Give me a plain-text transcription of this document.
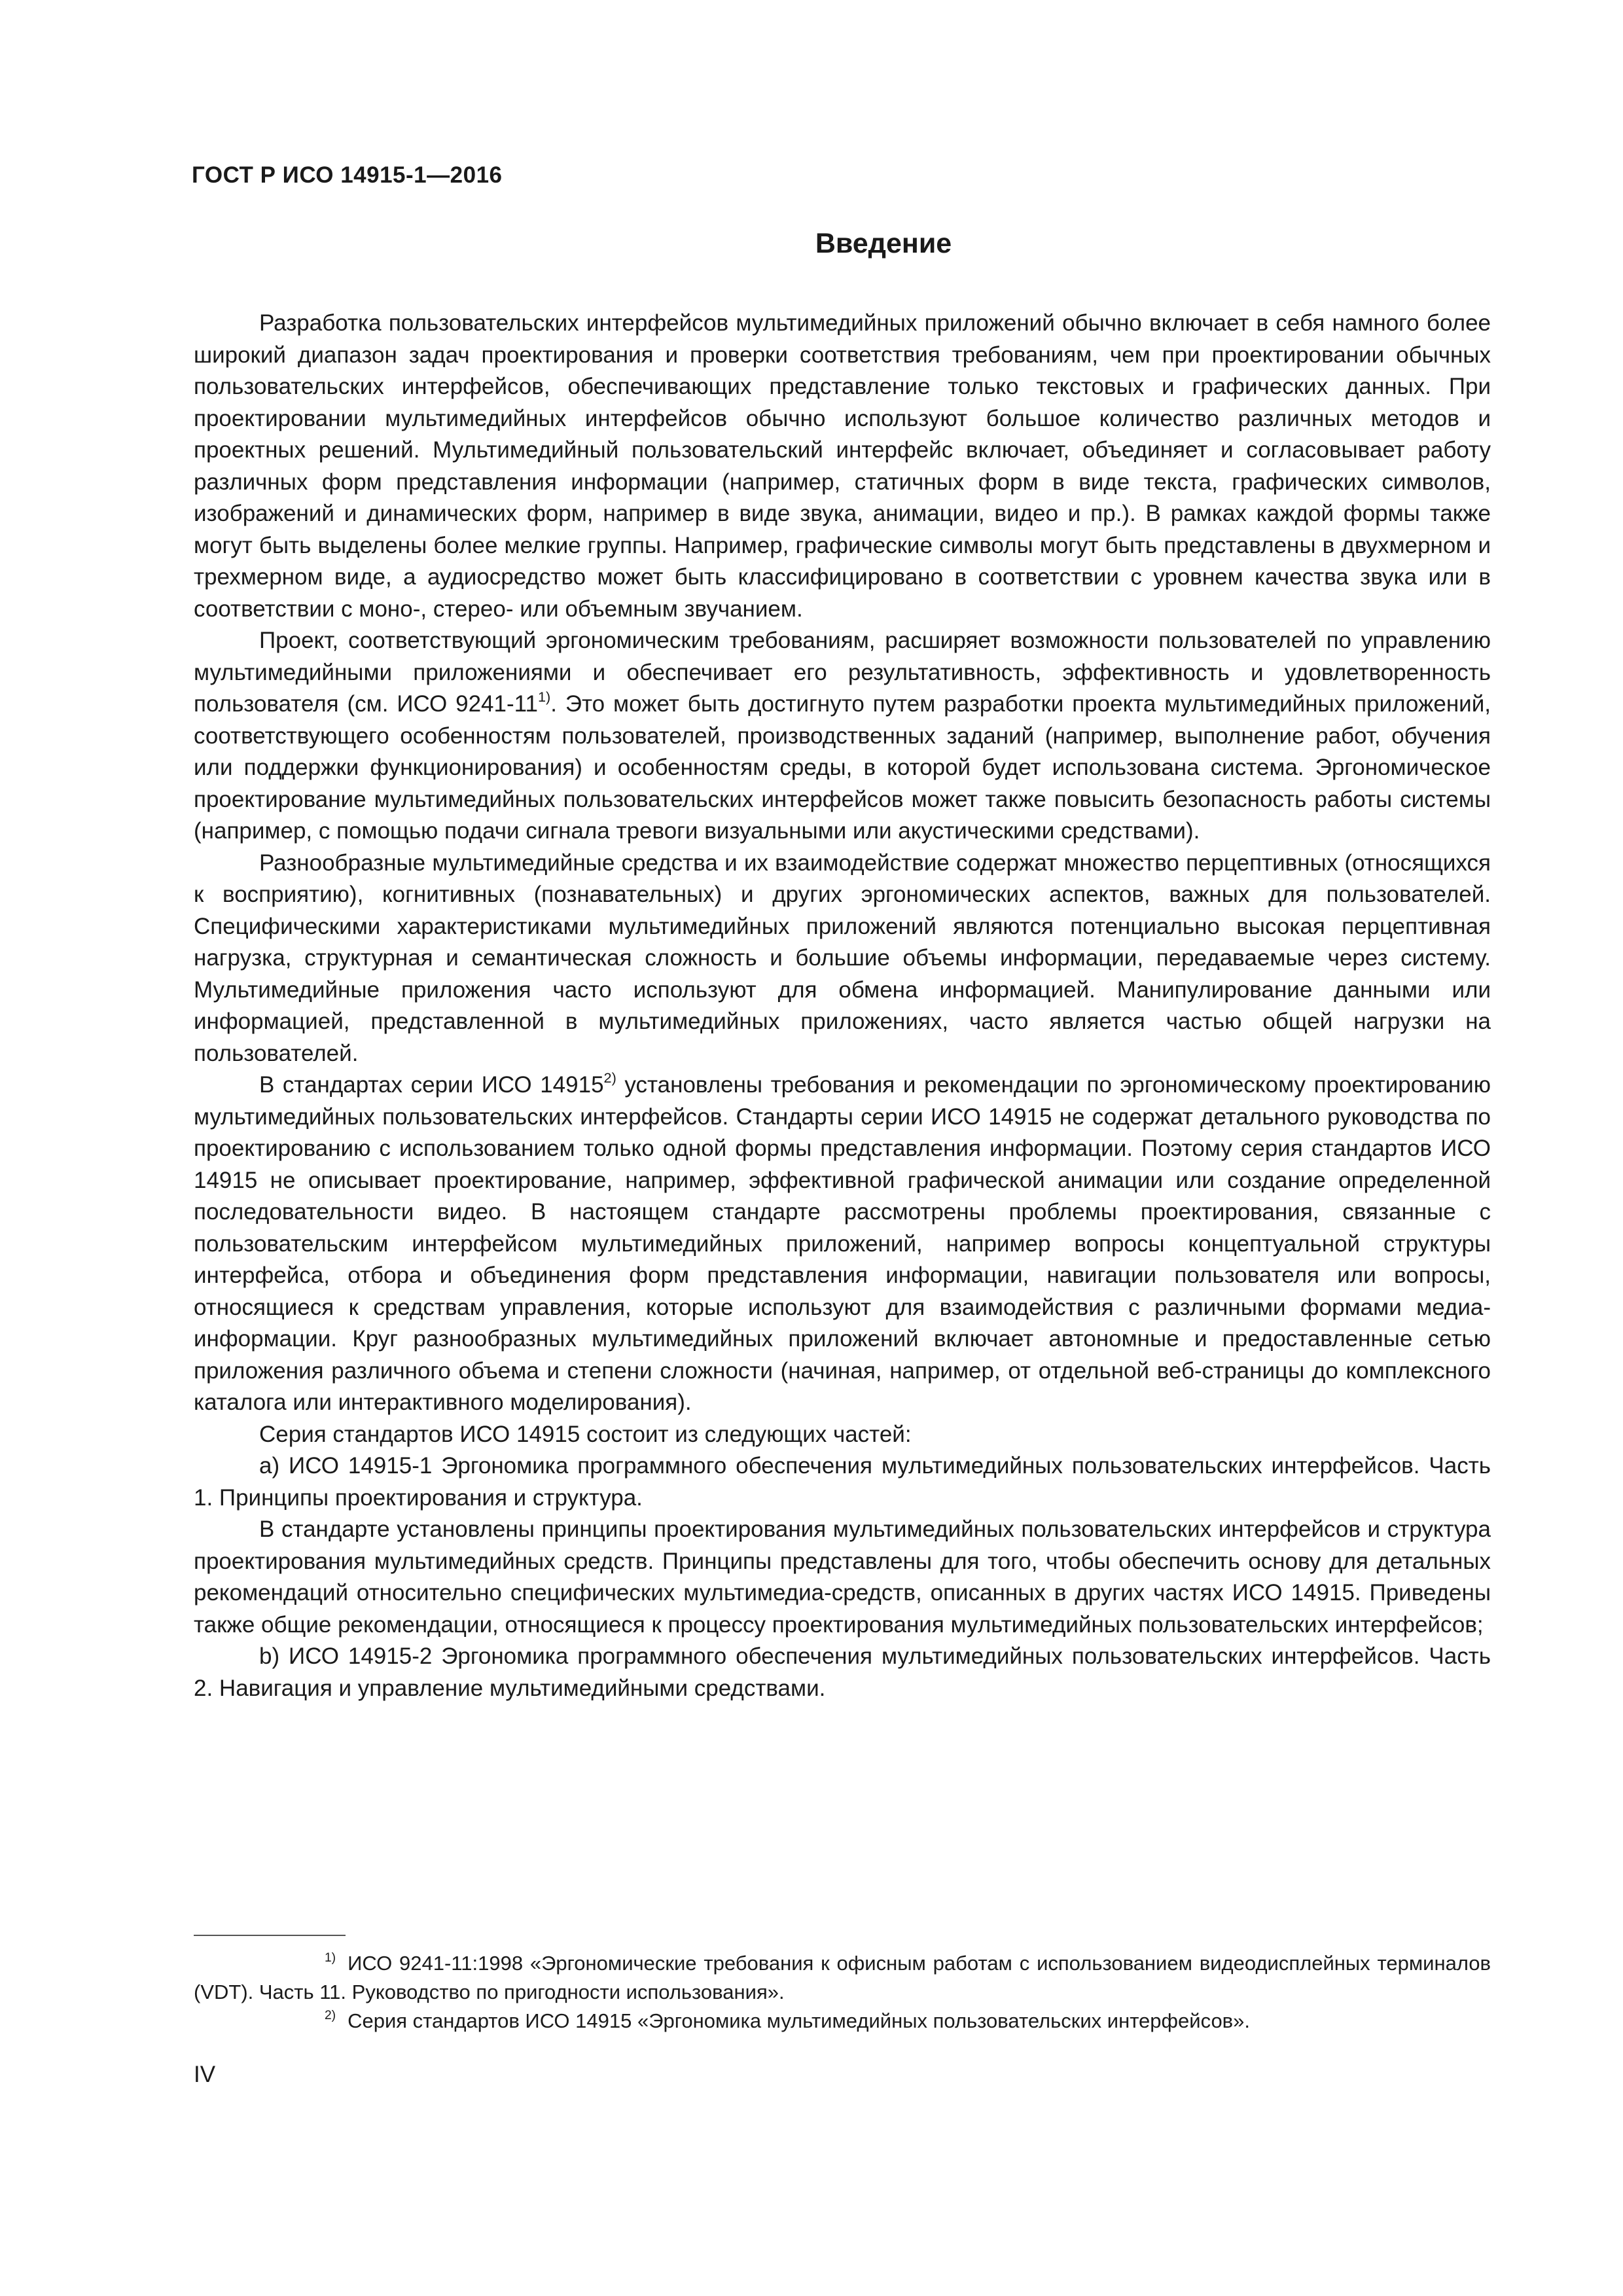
ГОСТ Р ИСО 14915-1—2016
Введение

Разработка пользовательских интерфейсов мультимедийных приложений обычно включает в себя намного более широкий диапазон задач проектирования и проверки соответствия требованиям, чем при проектировании обычных пользовательских интерфейсов, обеспечивающих представление только текстовых и графических данных. При проектировании мультимедийных интерфейсов обычно используют большое количество различных методов и проектных решений. Мультимедийный пользовательский интерфейс включает, объединяет и согласовывает работу различных форм представления информации (например, статичных форм в виде текста, графических символов, изображений и динамических форм, например в виде звука, анимации, видео и пр.). В рамках каждой формы также могут быть выделены более мелкие группы. Например, графические символы могут быть представлены в двухмерном и трехмерном виде, а аудиосредство может быть классифицировано в соответствии с уровнем качества звука или в соответствии с моно-, стерео- или объемным звучанием.

Проект, соответствующий эргономическим требованиям, расширяет возможности пользователей по управлению мультимедийными приложениями и обеспечивает его результативность, эффективность и удовлетворенность пользователя (см. ИСО 9241-11$^{1)}$. Это может быть достигнуто путем разработки проекта мультимедийных приложений, соответствующего особенностям пользователей, производственных заданий (например, выполнение работ, обучения или поддержки функционирования) и особенностям среды, в которой будет использована система. Эргономическое проектирование мультимедийных пользовательских интерфейсов может также повысить безопасность работы системы (например, с помощью подачи сигнала тревоги визуальными или акустическими средствами).

Разнообразные мультимедийные средства и их взаимодействие содержат множество перцептивных (относящихся к восприятию), когнитивных (познавательных) и других эргономических аспектов, важных для пользователей. Специфическими характеристиками мультимедийных приложений являются потенциально высокая перцептивная нагрузка, структурная и семантическая сложность и большие объемы информации, передаваемые через систему. Мультимедийные приложения часто используют для обмена информацией. Манипулирование данными или информацией, представленной в мультимедийных приложениях, часто является частью общей нагрузки на пользователей.

В стандартах серии ИСО 14915$^{2)}$ установлены требования и рекомендации по эргономическому проектированию мультимедийных пользовательских интерфейсов. Стандарты серии ИСО 14915 не содержат детального руководства по проектированию с использованием только одной формы представления информации. Поэтому серия стандартов ИСО 14915 не описывает проектирование, например, эффективной графической анимации или создание определенной последовательности видео. В настоящем стандарте рассмотрены проблемы проектирования, связанные с пользовательским интерфейсом мультимедийных приложений, например вопросы концептуальной структуры интерфейса, отбора и объединения форм представления информации, навигации пользователя или вопросы, относящиеся к средствам управления, которые используют для взаимодействия с различными формами медиа-информации. Круг разнообразных мультимедийных приложений включает автономные и предоставленные сетью приложения различного объема и степени сложности (начиная, например, от отдельной веб-страницы до комплексного каталога или интерактивного моделирования).

Серия стандартов ИСО 14915 состоит из следующих частей:

а) ИСО 14915-1 Эргономика программного обеспечения мультимедийных пользовательских интерфейсов. Часть 1. Принципы проектирования и структура.

В стандарте установлены принципы проектирования мультимедийных пользовательских интерфейсов и структура проектирования мультимедийных средств. Принципы представлены для того, чтобы обеспечить основу для детальных рекомендаций относительно специфических мультимедиа-средств, описанных в других частях ИСО 14915. Приведены также общие рекомендации, относящиеся к процессу проектирования мультимедийных пользовательских интерфейсов;

b) ИСО 14915-2 Эргономика программного обеспечения мультимедийных пользовательских интерфейсов. Часть 2. Навигация и управление мультимедийными средствами.

$^{1)}$ ИСО 9241-11:1998 «Эргономические требования к офисным работам с использованием видеодисплейных терминалов (VDT). Часть 11. Руководство по пригодности использования».

$^{2)}$ Серия стандартов ИСО 14915 «Эргономика мультимедийных пользовательских интерфейсов».

IV
